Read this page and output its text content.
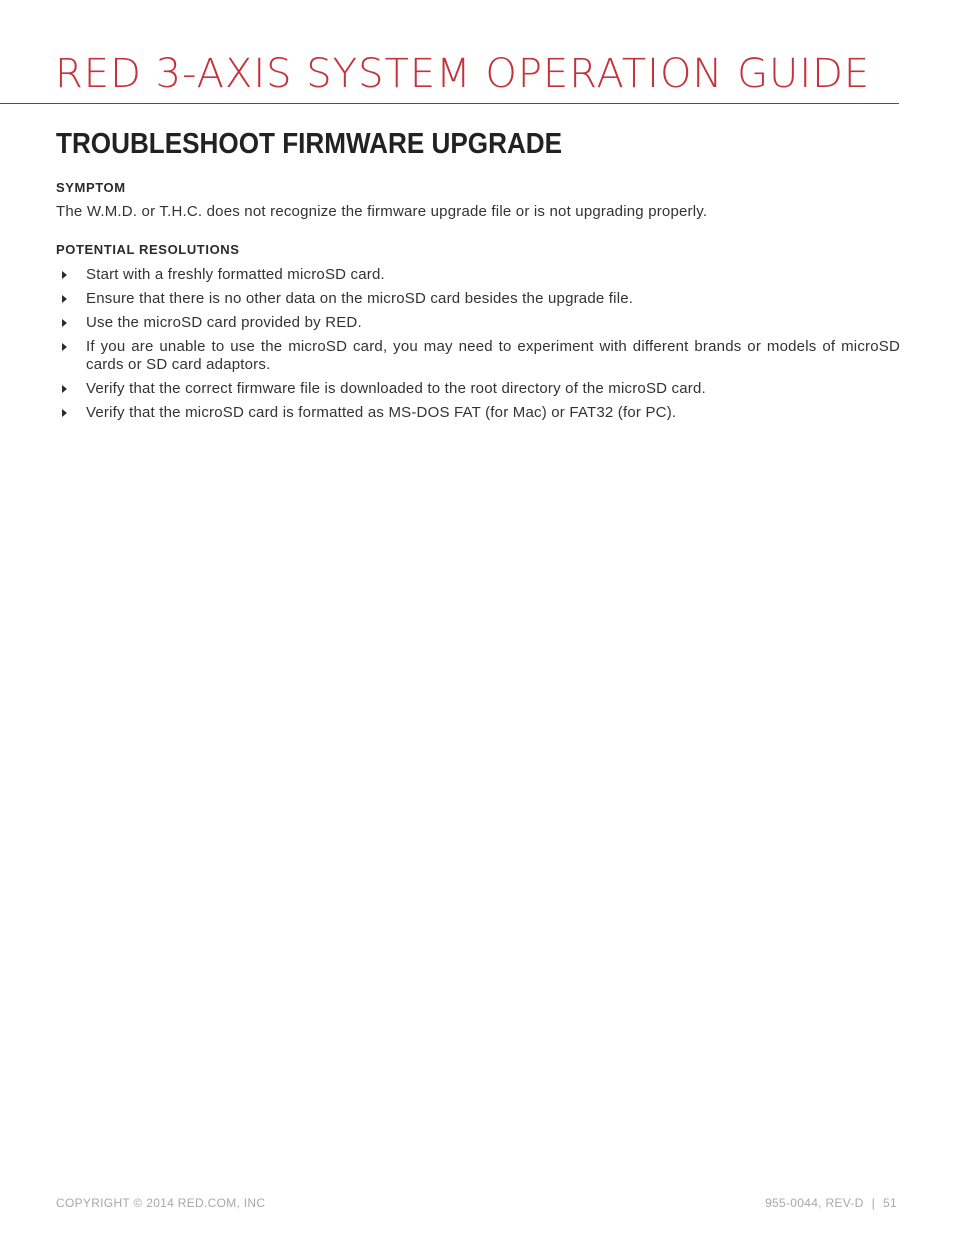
RED 3-AXIS SYSTEM OPERATION GUIDE
TROUBLESHOOT FIRMWARE UPGRADE
SYMPTOM

The W.M.D. or T.H.C. does not recognize the firmware upgrade file or is not upgrading properly.

POTENTIAL RESOLUTIONS
Start with a freshly formatted microSD card.
Ensure that there is no other data on the microSD card besides the upgrade file.
Use the microSD card provided by RED.
If you are unable to use the microSD card, you may need to experiment with different brands or models of microSD cards or SD card adaptors.
Verify that the correct firmware file is downloaded to the root directory of the microSD card.
Verify that the microSD card is formatted as MS-DOS FAT (for Mac) or FAT32 (for PC).
COPYRIGHT © 2014 RED.COM, INC	955-0044, REV-D | 51
